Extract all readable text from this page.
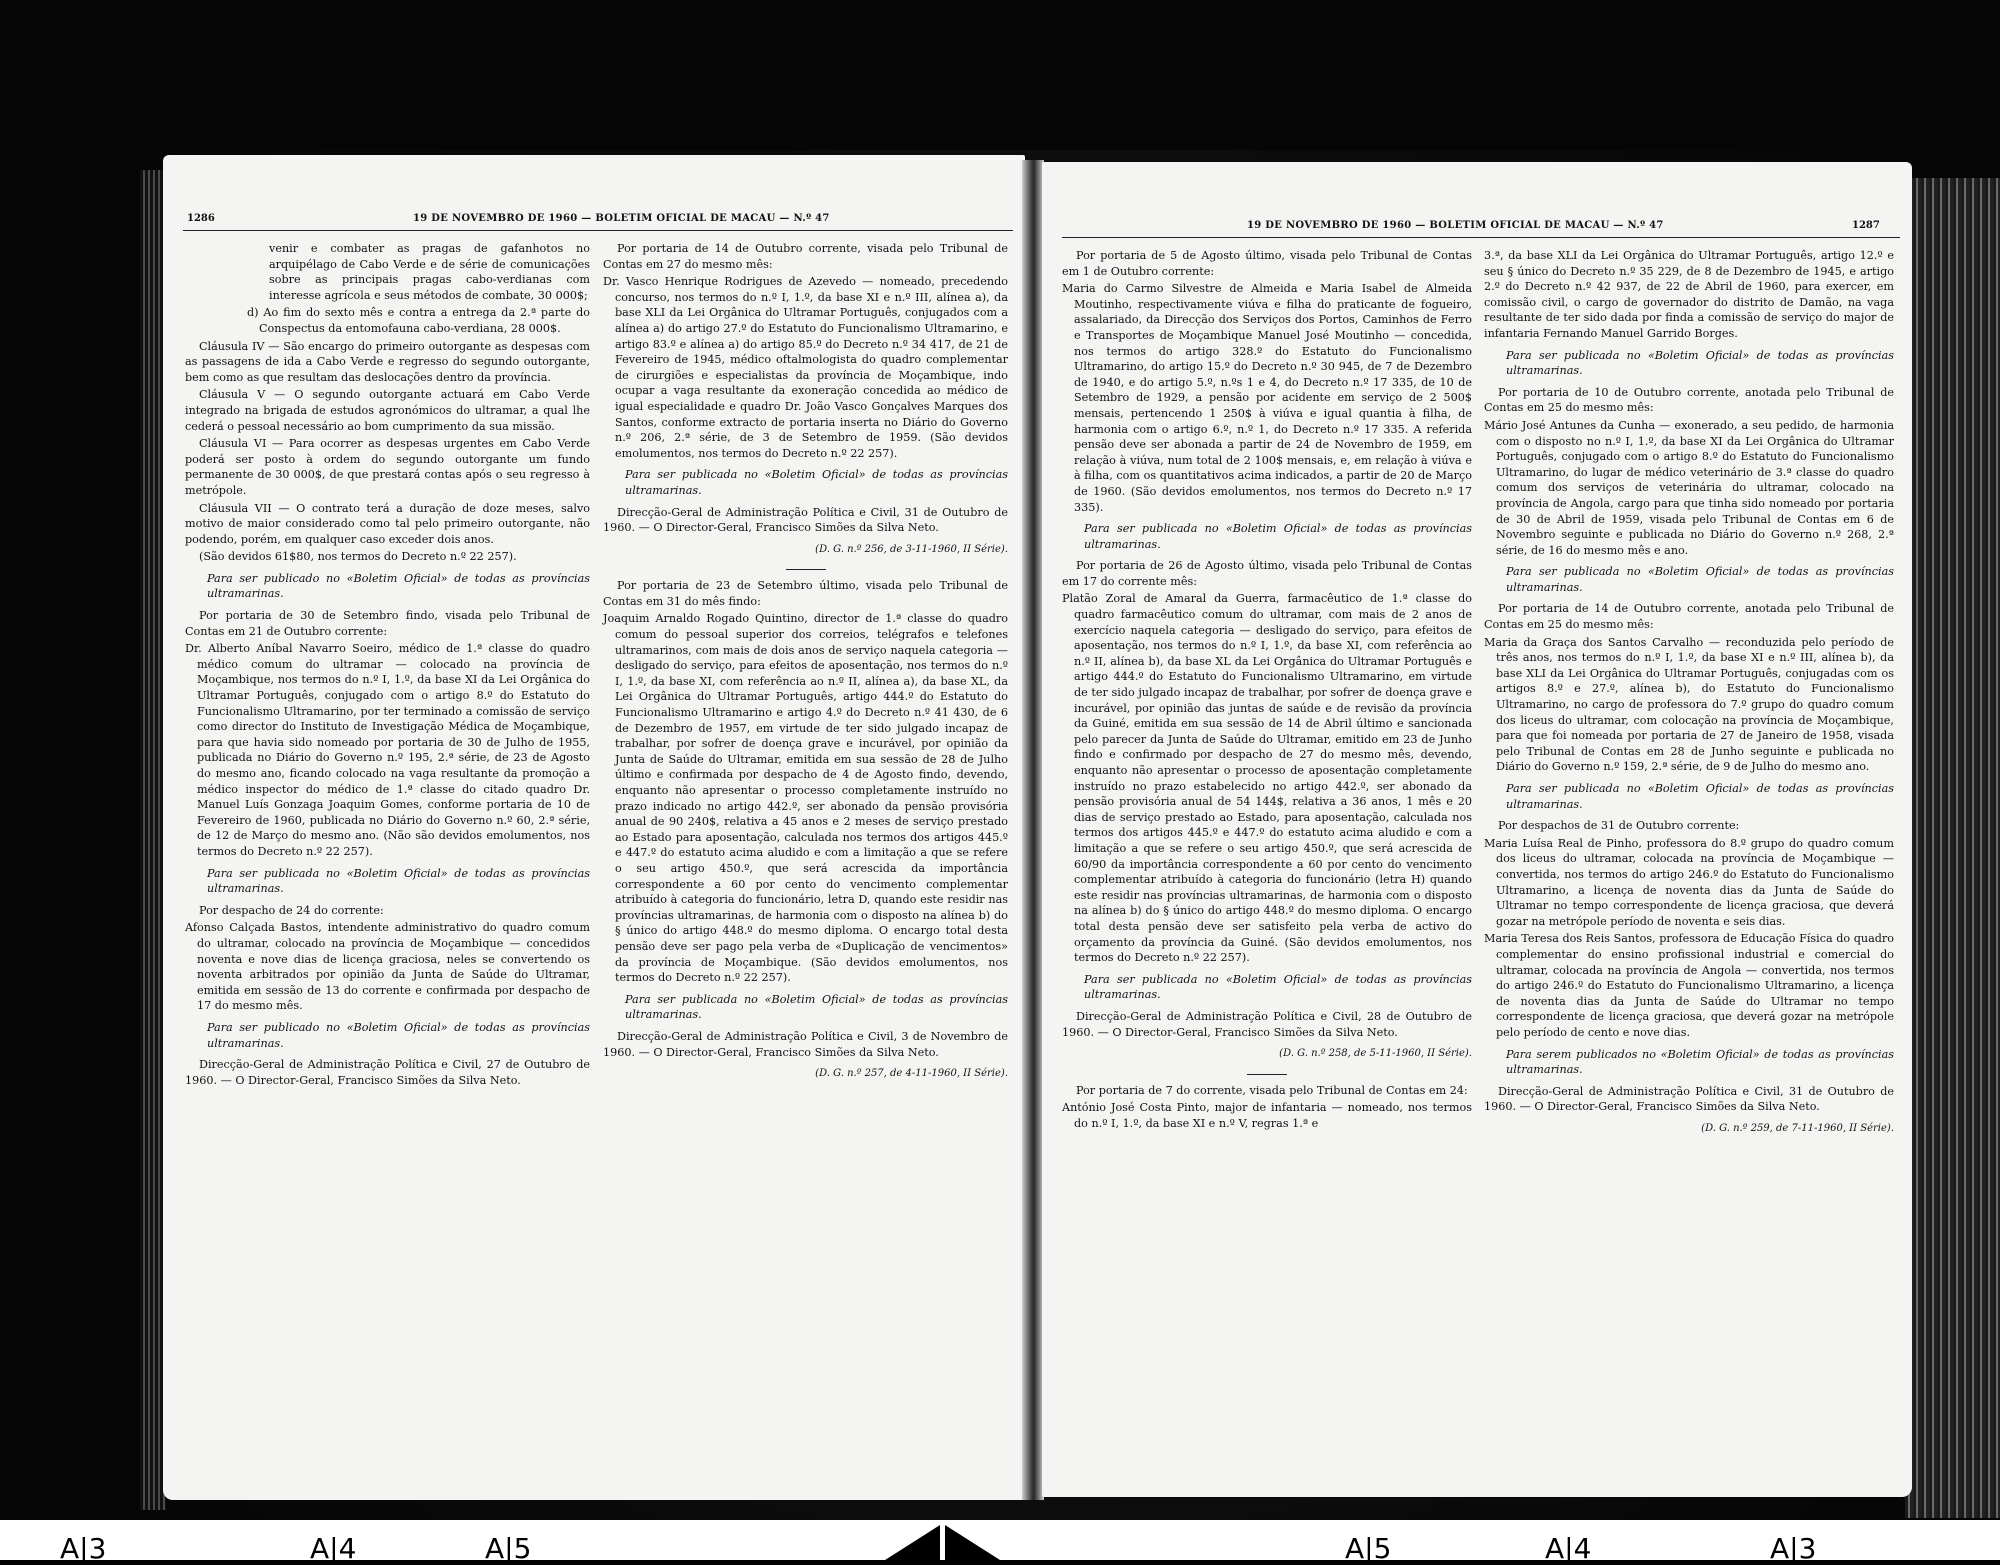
1286	19 DE NOVEMBRO DE 1960 — BOLETIM OFICIAL DE MACAU — N.º 47

venir e combater as pragas de gafanhotos no arquipélago de Cabo Verde e de série de comunicações sobre as principais pragas cabo-verdianas com interesse agrícola e seus métodos de combate, 30 000$;

d) Ao fim do sexto mês e contra a entrega da 2.ª parte do Conspectus da entomofauna cabo-verdiana, 28 000$.

Cláusula IV — São encargo do primeiro outorgante as despesas com as passagens de ida a Cabo Verde e regresso do segundo outorgante, bem como as que resultam das deslocações dentro da província.

Cláusula V — O segundo outorgante actuará em Cabo Verde integrado na brigada de estudos agronómicos do ultramar, a qual lhe cederá o pessoal necessário ao bom cumprimento da sua missão.

Cláusula VI — Para ocorrer as despesas urgentes em Cabo Verde poderá ser posto à ordem do segundo outorgante um fundo permanente de 30 000$, de que prestará contas após o seu regresso à metrópole.

Cláusula VII — O contrato terá a duração de doze meses, salvo motivo de maior considerado como tal pelo primeiro outorgante, não podendo, porém, em qualquer caso exceder dois anos.

(São devidos 61$80, nos termos do Decreto n.º 22 257).

Para ser publicado no «Boletim Oficial» de todas as províncias ultramarinas.

Por portaria de 30 de Setembro findo, visada pelo Tribunal de Contas em 21 de Outubro corrente:

Dr. Alberto Aníbal Navarro Soeiro, médico de 1.ª classe do quadro médico comum do ultramar — colocado na província de Moçambique, nos termos do n.º I, 1.º, da base XI da Lei Orgânica do Ultramar Português, conjugado com o artigo 8.º do Estatuto do Funcionalismo Ultramarino, por ter terminado a comissão de serviço como director do Instituto de Investigação Médica de Moçambique, para que havia sido nomeado por portaria de 30 de Julho de 1955, publicada no Diário do Governo n.º 195, 2.ª série, de 23 de Agosto do mesmo ano, ficando colocado na vaga resultante da promoção a médico inspector do médico de 1.ª classe do citado quadro Dr. Manuel Luís Gonzaga Joaquim Gomes, conforme portaria de 10 de Fevereiro de 1960, publicada no Diário do Governo n.º 60, 2.ª série, de 12 de Março do mesmo ano. (Não são devidos emolumentos, nos termos do Decreto n.º 22 257).

Para ser publicada no «Boletim Oficial» de todas as províncias ultramarinas.

Por despacho de 24 do corrente:

Afonso Calçada Bastos, intendente administrativo do quadro comum do ultramar, colocado na província de Moçambique — concedidos noventa e nove dias de licença graciosa, neles se convertendo os noventa arbitrados por opinião da Junta de Saúde do Ultramar, emitida em sessão de 13 do corrente e confirmada por despacho de 17 do mesmo mês.

Para ser publicado no «Boletim Oficial» de todas as províncias ultramarinas.

Direcção-Geral de Administração Política e Civil, 27 de Outubro de 1960. — O Director-Geral, Francisco Simões da Silva Neto.

Por portaria de 14 de Outubro corrente, visada pelo Tribunal de Contas em 27 do mesmo mês:

Dr. Vasco Henrique Rodrigues de Azevedo — nomeado, precedendo concurso, nos termos do n.º I, 1.º, da base XI e n.º III, alínea a), da base XLI da Lei Orgânica do Ultramar Português, conjugados com a alínea a) do artigo 27.º do Estatuto do Funcionalismo Ultramarino, e artigo 83.º e alínea a) do artigo 85.º do Decreto n.º 34 417, de 21 de Fevereiro de 1945, médico oftalmologista do quadro complementar de cirurgiões e especialistas da província de Moçambique, indo ocupar a vaga resultante da exoneração concedida ao médico de igual especialidade e quadro Dr. João Vasco Gonçalves Marques dos Santos, conforme extracto de portaria inserta no Diário do Governo n.º 206, 2.ª série, de 3 de Setembro de 1959. (São devidos emolumentos, nos termos do Decreto n.º 22 257).

Para ser publicada no «Boletim Oficial» de todas as províncias ultramarinas.

Direcção-Geral de Administração Política e Civil, 31 de Outubro de 1960. — O Director-Geral, Francisco Simões da Silva Neto.

(D. G. n.º 256, de 3-11-1960, II Série).

Por portaria de 23 de Setembro último, visada pelo Tribunal de Contas em 31 do mês findo:

Joaquim Arnaldo Rogado Quintino, director de 1.ª classe do quadro comum do pessoal superior dos correios, telégrafos e telefones ultramarinos, com mais de dois anos de serviço naquela categoria — desligado do serviço, para efeitos de aposentação, nos termos do n.º I, 1.º, da base XI, com referência ao n.º II, alínea a), da base XL, da Lei Orgânica do Ultramar Português, artigo 444.º do Estatuto do Funcionalismo Ultramarino e artigo 4.º do Decreto n.º 41 430, de 6 de Dezembro de 1957, em virtude de ter sido julgado incapaz de trabalhar, por sofrer de doença grave e incurável, por opinião da Junta de Saúde do Ultramar, emitida em sua sessão de 28 de Julho último e confirmada por despacho de 4 de Agosto findo, devendo, enquanto não apresentar o processo completamente instruído no prazo indicado no artigo 442.º, ser abonado da pensão provisória anual de 90 240$, relativa a 45 anos e 2 meses de serviço prestado ao Estado para aposentação, calculada nos termos dos artigos 445.º e 447.º do estatuto acima aludido e com a limitação a que se refere o seu artigo 450.º, que será acrescida da importância correspondente a 60 por cento do vencimento complementar atribuído à categoria do funcionário, letra D, quando este residir nas províncias ultramarinas, de harmonia com o disposto na alínea b) do § único do artigo 448.º do mesmo diploma. O encargo total desta pensão deve ser pago pela verba de «Duplicação de vencimentos» da província de Moçambique. (São devidos emolumentos, nos termos do Decreto n.º 22 257).

Para ser publicada no «Boletim Oficial» de todas as províncias ultramarinas.

Direcção-Geral de Administração Política e Civil, 3 de Novembro de 1960. — O Director-Geral, Francisco Simões da Silva Neto.

(D. G. n.º 257, de 4-11-1960, II Série).

19 DE NOVEMBRO DE 1960 — BOLETIM OFICIAL DE MACAU — N.º 47	1287

Por portaria de 5 de Agosto último, visada pelo Tribunal de Contas em 1 de Outubro corrente:

Maria do Carmo Silvestre de Almeida e Maria Isabel de Almeida Moutinho, respectivamente viúva e filha do praticante de fogueiro, assalariado, da Direcção dos Serviços dos Portos, Caminhos de Ferro e Transportes de Moçambique Manuel José Moutinho — concedida, nos termos do artigo 328.º do Estatuto do Funcionalismo Ultramarino, do artigo 15.º do Decreto n.º 30 945, de 7 de Dezembro de 1940, e do artigo 5.º, n.ºs 1 e 4, do Decreto n.º 17 335, de 10 de Setembro de 1929, a pensão por acidente em serviço de 2 500$ mensais, pertencendo 1 250$ à viúva e igual quantia à filha, de harmonia com o artigo 6.º, n.º 1, do Decreto n.º 17 335. A referida pensão deve ser abonada a partir de 24 de Novembro de 1959, em relação à viúva, num total de 2 100$ mensais, e, em relação à viúva e à filha, com os quantitativos acima indicados, a partir de 20 de Março de 1960. (São devidos emolumentos, nos termos do Decreto n.º 17 335).

Para ser publicada no «Boletim Oficial» de todas as províncias ultramarinas.

Por portaria de 26 de Agosto último, visada pelo Tribunal de Contas em 17 do corrente mês:

Platão Zoral de Amaral da Guerra, farmacêutico de 1.ª classe do quadro farmacêutico comum do ultramar, com mais de 2 anos de exercício naquela categoria — desligado do serviço, para efeitos de aposentação, nos termos do n.º I, 1.º, da base XI, com referência ao n.º II, alínea b), da base XL da Lei Orgânica do Ultramar Português e artigo 444.º do Estatuto do Funcionalismo Ultramarino, em virtude de ter sido julgado incapaz de trabalhar, por sofrer de doença grave e incurável, por opinião das juntas de saúde e de revisão da província da Guiné, emitida em sua sessão de 14 de Abril último e sancionada pelo parecer da Junta de Saúde do Ultramar, emitido em 23 de Junho findo e confirmado por despacho de 27 do mesmo mês, devendo, enquanto não apresentar o processo de aposentação completamente instruído no prazo estabelecido no artigo 442.º, ser abonado da pensão provisória anual de 54 144$, relativa a 36 anos, 1 mês e 20 dias de serviço prestado ao Estado, para aposentação, calculada nos termos dos artigos 445.º e 447.º do estatuto acima aludido e com a limitação a que se refere o seu artigo 450.º, que será acrescida de 60/90 da importância correspondente a 60 por cento do vencimento complementar atribuído à categoria do funcionário (letra H) quando este residir nas províncias ultramarinas, de harmonia com o disposto na alínea b) do § único do artigo 448.º do mesmo diploma. O encargo total desta pensão deve ser satisfeito pela verba de activo do orçamento da província da Guiné. (São devidos emolumentos, nos termos do Decreto n.º 22 257).

Para ser publicada no «Boletim Oficial» de todas as províncias ultramarinas.

Direcção-Geral de Administração Política e Civil, 28 de Outubro de 1960. — O Director-Geral, Francisco Simões da Silva Neto.

(D. G. n.º 258, de 5-11-1960, II Série).

Por portaria de 7 do corrente, visada pelo Tribunal de Contas em 24:

António José Costa Pinto, major de infantaria — nomeado, nos termos do n.º I, 1.º, da base XI e n.º V, regras 1.ª e

3.ª, da base XLI da Lei Orgânica do Ultramar Português, artigo 12.º e seu § único do Decreto n.º 35 229, de 8 de Dezembro de 1945, e artigo 2.º do Decreto n.º 42 937, de 22 de Abril de 1960, para exercer, em comissão civil, o cargo de governador do distrito de Damão, na vaga resultante de ter sido dada por finda a comissão de serviço do major de infantaria Fernando Manuel Garrido Borges.

Para ser publicada no «Boletim Oficial» de todas as províncias ultramarinas.

Por portaria de 10 de Outubro corrente, anotada pelo Tribunal de Contas em 25 do mesmo mês:

Mário José Antunes da Cunha — exonerado, a seu pedido, de harmonia com o disposto no n.º I, 1.º, da base XI da Lei Orgânica do Ultramar Português, conjugado com o artigo 8.º do Estatuto do Funcionalismo Ultramarino, do lugar de médico veterinário de 3.ª classe do quadro comum dos serviços de veterinária do ultramar, colocado na província de Angola, cargo para que tinha sido nomeado por portaria de 30 de Abril de 1959, visada pelo Tribunal de Contas em 6 de Novembro seguinte e publicada no Diário do Governo n.º 268, 2.ª série, de 16 do mesmo mês e ano.

Para ser publicada no «Boletim Oficial» de todas as províncias ultramarinas.

Por portaria de 14 de Outubro corrente, anotada pelo Tribunal de Contas em 25 do mesmo mês:

Maria da Graça dos Santos Carvalho — reconduzida pelo período de três anos, nos termos do n.º I, 1.º, da base XI e n.º III, alínea b), da base XLI da Lei Orgânica do Ultramar Português, conjugadas com os artigos 8.º e 27.º, alínea b), do Estatuto do Funcionalismo Ultramarino, no cargo de professora do 7.º grupo do quadro comum dos liceus do ultramar, com colocação na província de Moçambique, para que foi nomeada por portaria de 27 de Janeiro de 1958, visada pelo Tribunal de Contas em 28 de Junho seguinte e publicada no Diário do Governo n.º 159, 2.ª série, de 9 de Julho do mesmo ano.

Para ser publicada no «Boletim Oficial» de todas as províncias ultramarinas.

Por despachos de 31 de Outubro corrente:

Maria Luísa Real de Pinho, professora do 8.º grupo do quadro comum dos liceus do ultramar, colocada na província de Moçambique — convertida, nos termos do artigo 246.º do Estatuto do Funcionalismo Ultramarino, a licença de noventa dias da Junta de Saúde do Ultramar no tempo correspondente de licença graciosa, que deverá gozar na metrópole período de noventa e seis dias.

Maria Teresa dos Reis Santos, professora de Educação Física do quadro complementar do ensino profissional industrial e comercial do ultramar, colocada na província de Angola — convertida, nos termos do artigo 246.º do Estatuto do Funcionalismo Ultramarino, a licença de noventa dias da Junta de Saúde do Ultramar no tempo correspondente de licença graciosa, que deverá gozar na metrópole pelo período de cento e nove dias.

Para serem publicados no «Boletim Oficial» de todas as províncias ultramarinas.

Direcção-Geral de Administração Política e Civil, 31 de Outubro de 1960. — O Director-Geral, Francisco Simões da Silva Neto.

(D. G. n.º 259, de 7-11-1960, II Série).

A|3	A|4	A|5	A|5	A|4	A|3
